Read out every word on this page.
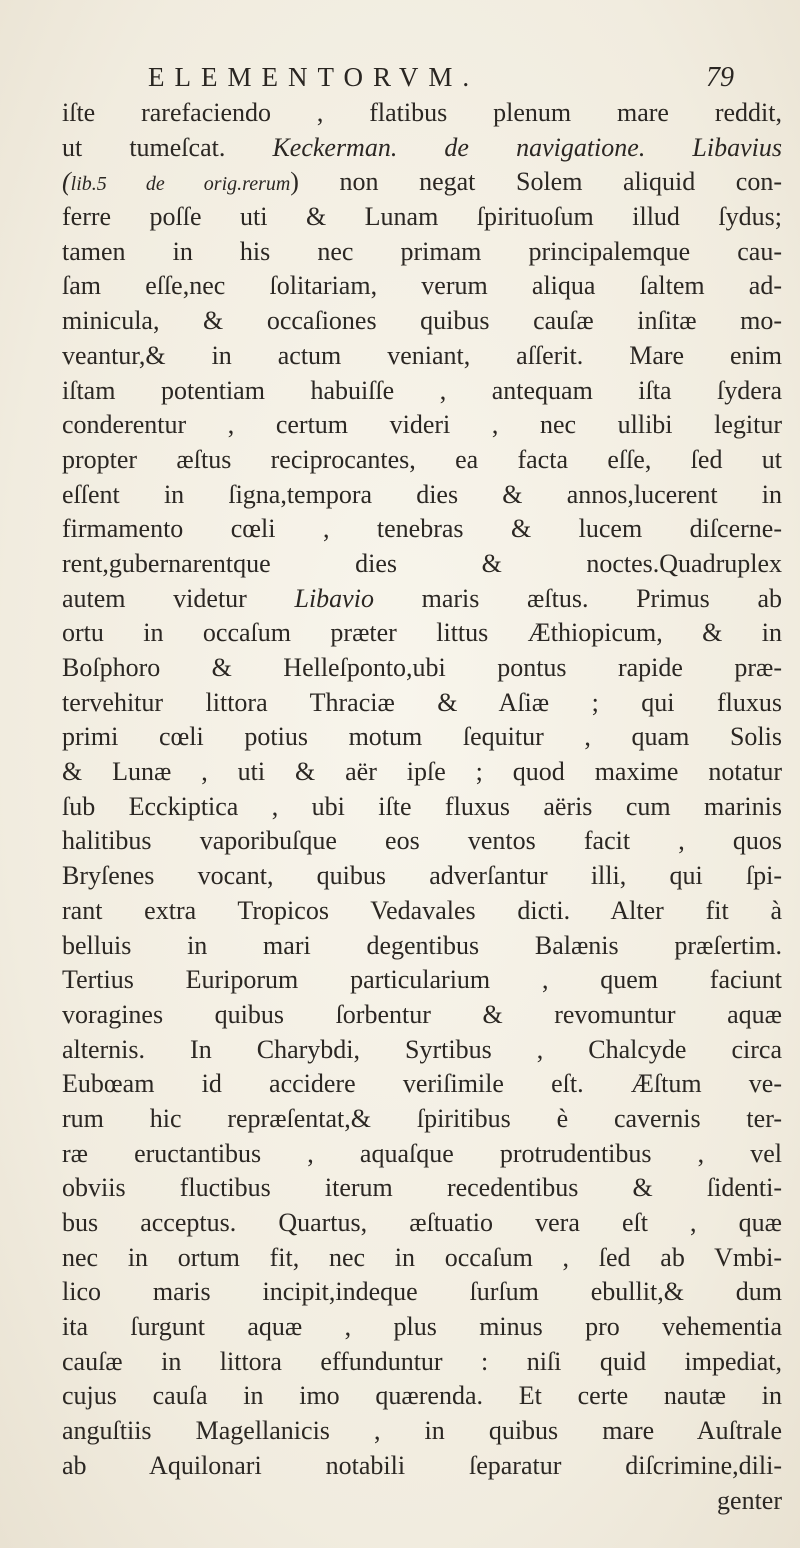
ELEMENTORVM.	79
iſte rarefaciendo , flatibus plenum mare reddit,
ut tumeſcat. Keckerman. de navigatione. Libavius
(lib.5 de orig.rerum) non negat Solem aliquid con-
ferre poſſe uti & Lunam ſpirituoſum illud ſydus;
tamen in his nec primam principalemque cau-
ſam eſſe,nec ſolitariam, verum aliqua ſaltem ad-
minicula, & occaſiones quibus cauſæ inſitæ mo-
veantur,& in actum veniant, aſſerit. Mare enim
iſtam potentiam habuiſſe , antequam iſta ſydera
conderentur , certum videri , nec ullibi legitur
propter æſtus reciprocantes, ea facta eſſe, ſed ut
eſſent in ſigna,tempora dies & annos,lucerent in
firmamento cœli , tenebras & lucem diſcerne-
rent,gubernarentque dies & noctes.Quadruplex
autem videtur Libavio maris æſtus. Primus ab
ortu in occaſum præter littus Æthiopicum, & in
Boſphoro & Helleſponto,ubi pontus rapide præ-
tervehitur littora Thraciæ & Aſiæ ; qui fluxus
primi cœli potius motum ſequitur , quam Solis
& Lunæ , uti & aër ipſe ; quod maxime notatur
ſub Ecckiptica , ubi iſte fluxus aëris cum marinis
halitibus vaporibuſque eos ventos facit , quos
Bryſenes vocant, quibus adverſantur illi, qui ſpi-
rant extra Tropicos Vedavales dicti. Alter fit à
belluis in mari degentibus Balænis præſertim.
Tertius Euriporum particularium , quem faciunt
voragines quibus ſorbentur & revomuntur aquæ
alternis. In Charybdi, Syrtibus , Chalcyde circa
Eubœam id accidere veriſimile eſt. Æſtum ve-
rum hic repræſentat,& ſpiritibus è cavernis ter-
ræ eructantibus , aquaſque protrudentibus , vel
obviis fluctibus iterum recedentibus & ſidenti-
bus acceptus. Quartus, æſtuatio vera eſt , quæ
nec in ortum fit, nec in occaſum , ſed ab Vmbi-
lico maris incipit,indeque ſurſum ebullit,& dum
ita ſurgunt aquæ , plus minus pro vehementia
cauſæ in littora effunduntur : niſi quid impediat,
cujus cauſa in imo quærenda. Et certe nautæ in
anguſtiis Magellanicis , in quibus mare Auſtrale
ab Aquilonari notabili ſeparatur diſcrimine,dili-
genter
